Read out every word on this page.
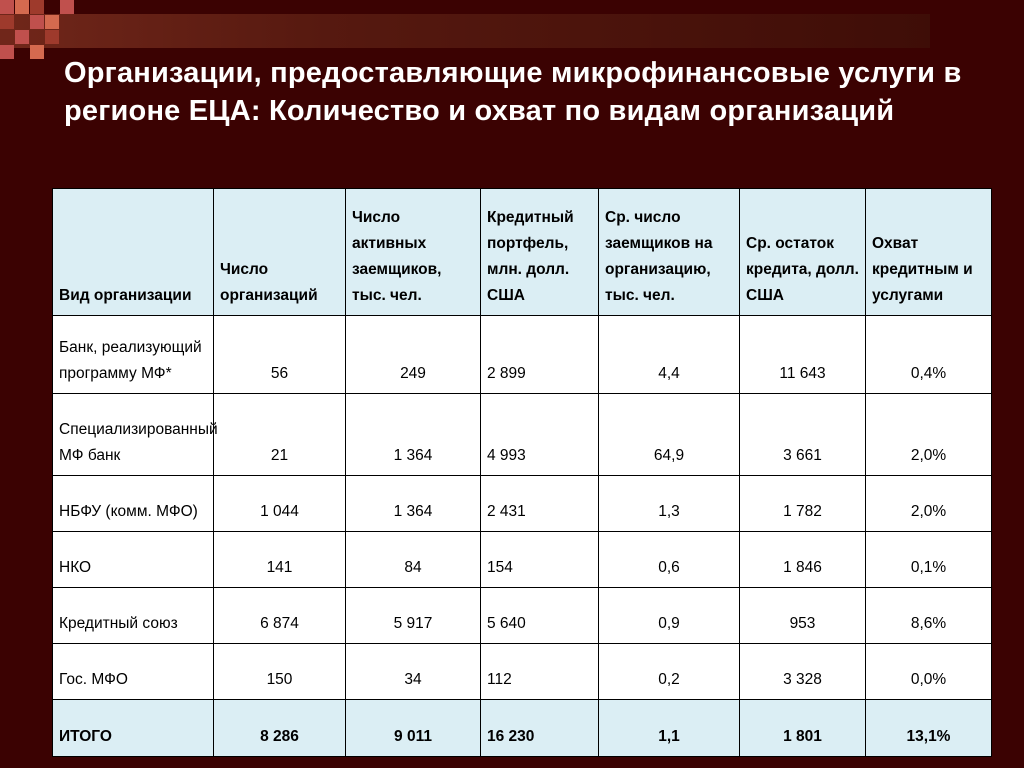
Организации, предоставляющие микрофинансовые услуги в регионе ЕЦА: Количество и охват по видам организаций
Вид организации	Число организаций	Число активных заемщиков, тыс. чел.	Кредитный портфель, млн. долл. США	Ср. число заемщиков на организацию, тыс. чел.	Ср. остаток кредита, долл. США	Охват кредитным и услугами
Банк, реализующий программу МФ*	56	249	2 899	4,4	11 643	0,4%
Специализированный МФ банк	21	1 364	4 993	64,9	3 661	2,0%
НБФУ (комм. МФО)	1 044	1 364	2 431	1,3	1 782	2,0%
НКО	141	84	154	0,6	1 846	0,1%
Кредитный союз	6 874	5 917	5 640	0,9	953	8,6%
Гос. МФО	150	34	112	0,2	3 328	0,0%
ИТОГО	8 286	9 011	16 230	1,1	1 801	13,1%
